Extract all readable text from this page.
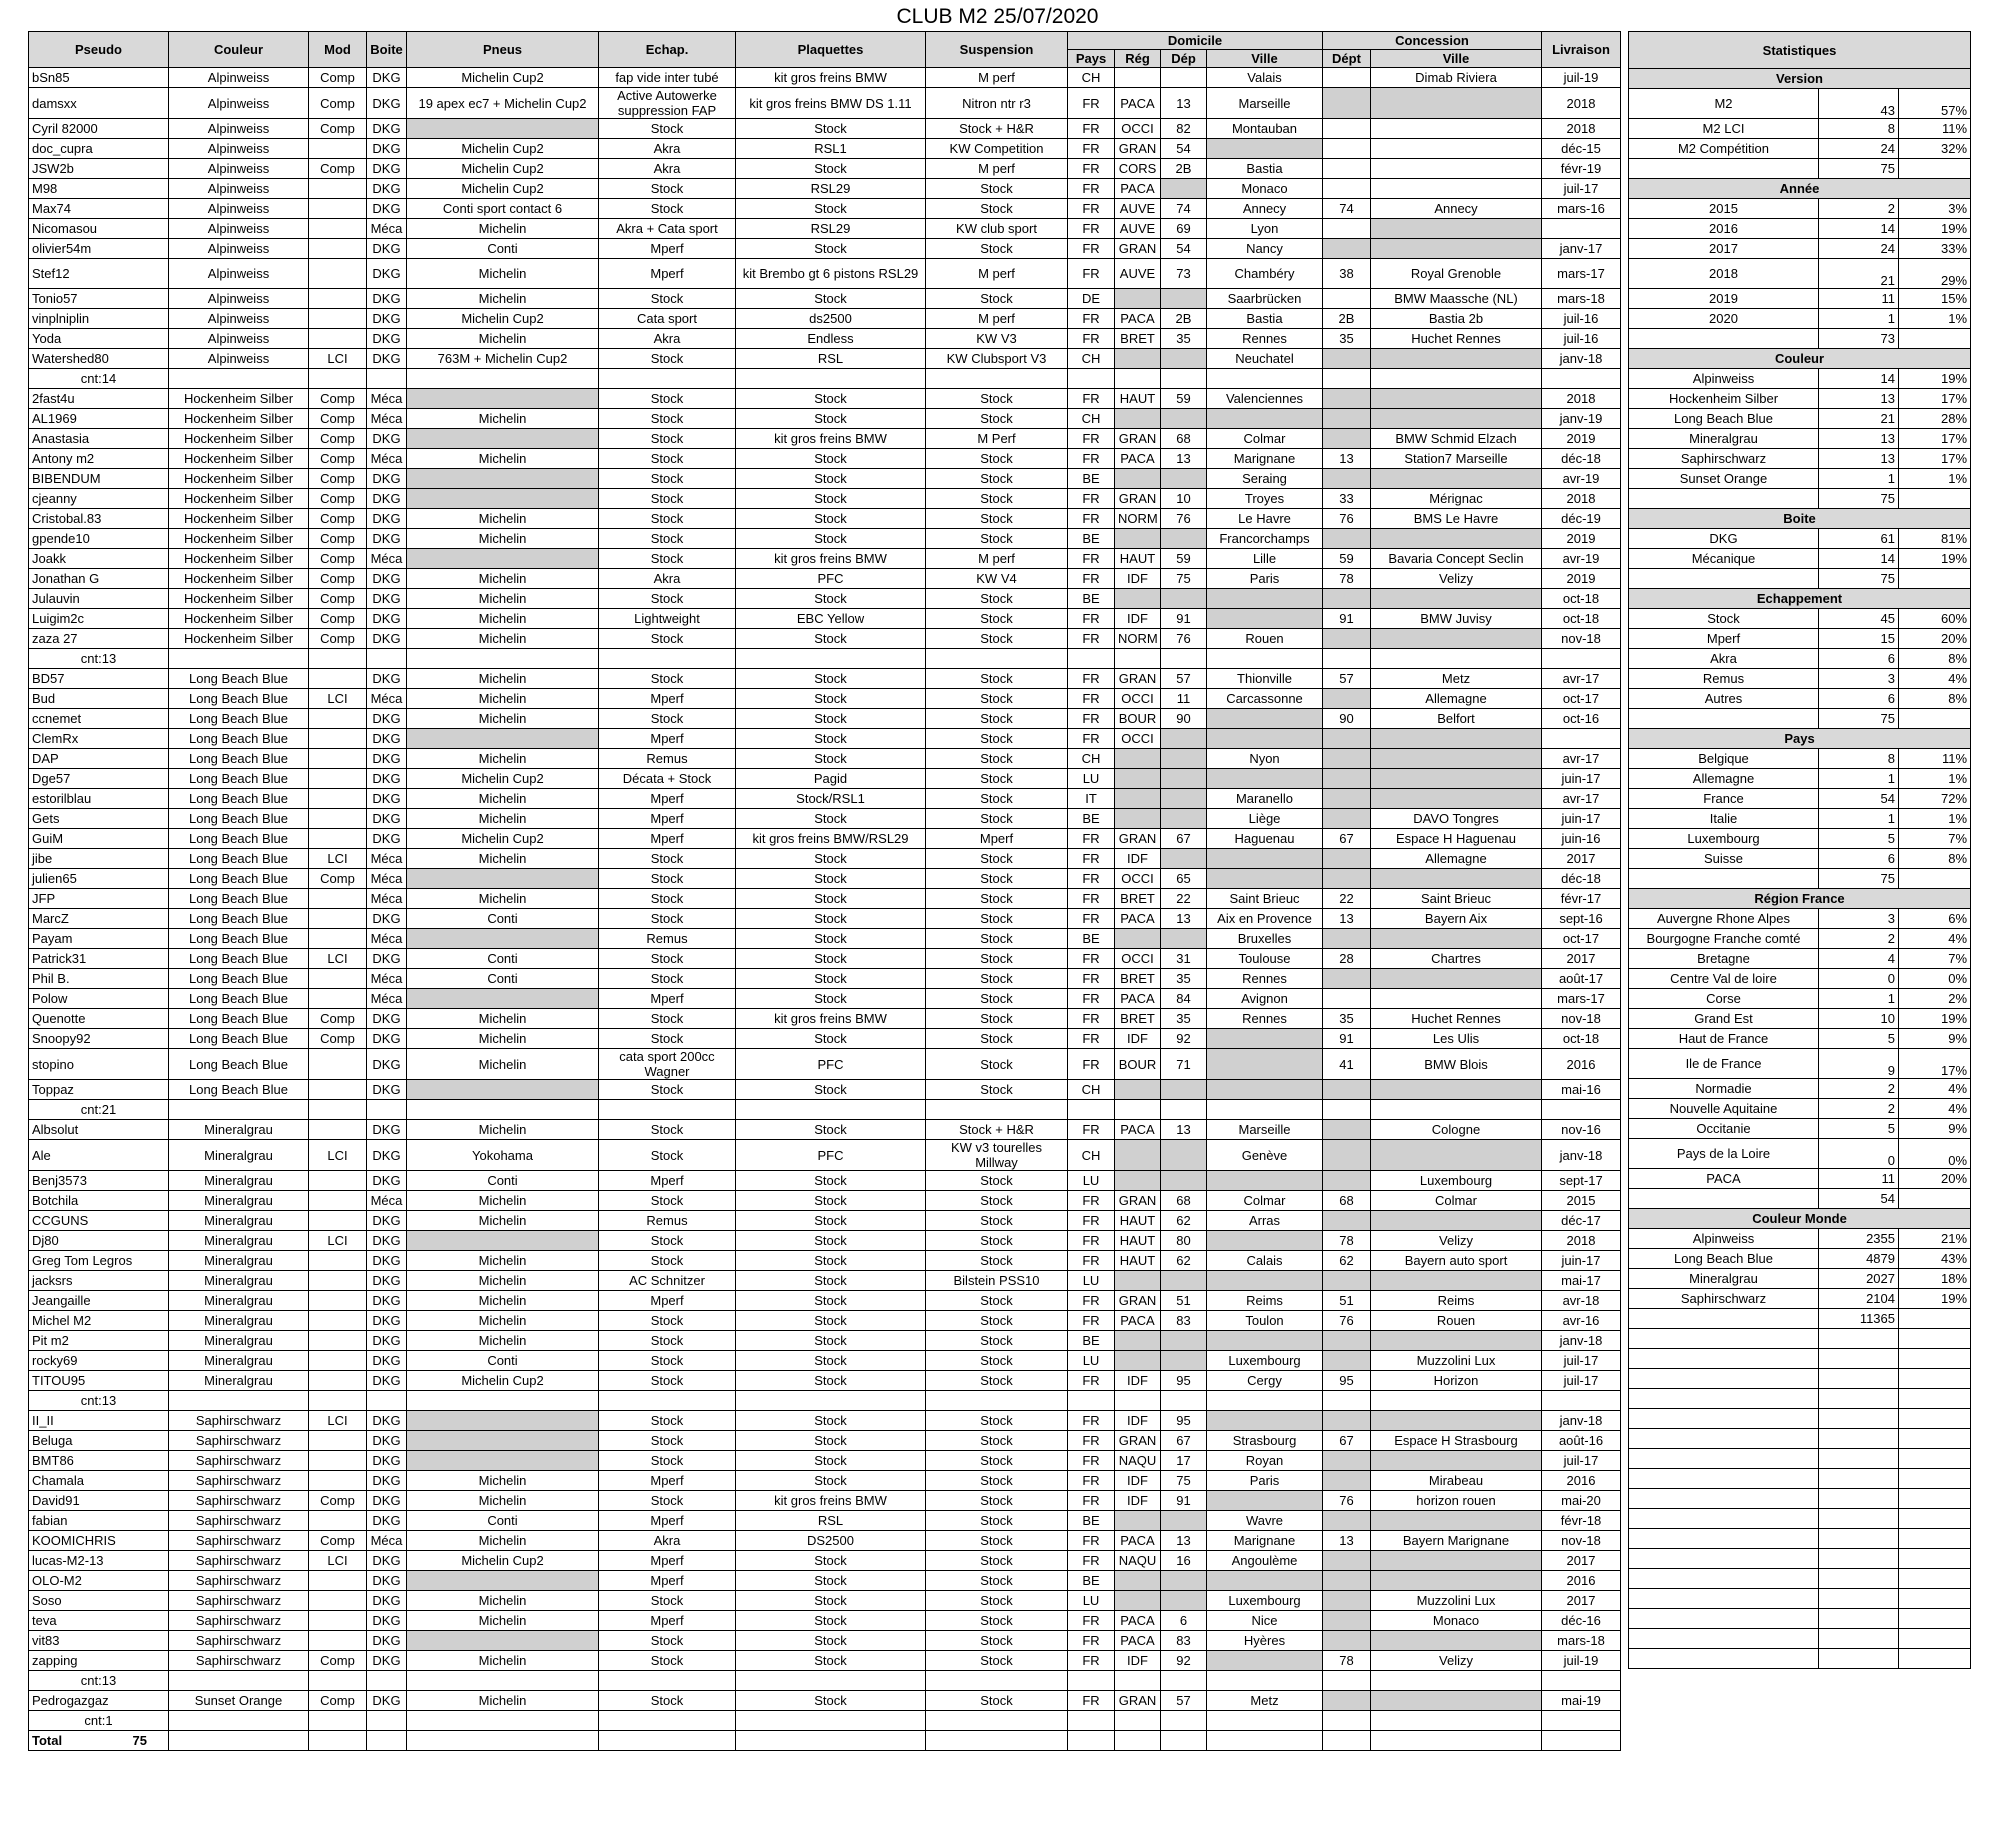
CLUB M2 25/07/2020
Pseudo	Couleur	Mod	Boite	Pneus	Echap.	Plaquettes	Suspension	Domicile				Concession		Livraison
								Pays	Rég	Dép	Ville	Dépt	Ville	
bSn85	Alpinweiss	Comp	DKG	Michelin Cup2	fap vide inter tubé	kit gros freins BMW	M perf	CH			Valais		Dimab Riviera	juil-19
damsxx	Alpinweiss	Comp	DKG	19 apex ec7 + Michelin Cup2	Active Autowerke suppression FAP	kit gros freins BMW DS 1.11	Nitron ntr r3	FR	PACA	13	Marseille			2018
Cyril 82000	Alpinweiss	Comp	DKG		Stock	Stock	Stock + H&R	FR	OCCI	82	Montauban			2018
doc_cupra	Alpinweiss		DKG	Michelin Cup2	Akra	RSL1	KW Competition	FR	GRAN	54				déc-15
JSW2b	Alpinweiss	Comp	DKG	Michelin Cup2	Akra	Stock	M perf	FR	CORS	2B	Bastia			févr-19
M98	Alpinweiss		DKG	Michelin Cup2	Stock	RSL29	Stock	FR	PACA		Monaco			juil-17
Max74	Alpinweiss		DKG	Conti sport contact 6	Stock	Stock	Stock	FR	AUVE	74	Annecy	74	Annecy	mars-16
Nicomasou	Alpinweiss		Méca	Michelin	Akra + Cata sport	RSL29	KW club sport	FR	AUVE	69	Lyon			
olivier54m	Alpinweiss		DKG	Conti	Mperf	Stock	Stock	FR	GRAN	54	Nancy			janv-17
Stef12	Alpinweiss		DKG	Michelin	Mperf	kit Brembo gt 6 pistons RSL29	M perf	FR	AUVE	73	Chambéry	38	Royal Grenoble	mars-17
Tonio57	Alpinweiss		DKG	Michelin	Stock	Stock	Stock	DE			Saarbrücken		BMW Maassche (NL)	mars-18
vinplniplin	Alpinweiss		DKG	Michelin Cup2	Cata sport	ds2500	M perf	FR	PACA	2B	Bastia	2B	Bastia 2b	juil-16
Yoda	Alpinweiss		DKG	Michelin	Akra	Endless	KW V3	FR	BRET	35	Rennes	35	Huchet Rennes	juil-16
Watershed80	Alpinweiss	LCI	DKG	763M + Michelin Cup2	Stock	RSL	KW Clubsport V3	CH			Neuchatel			janv-18
cnt:14														
2fast4u	Hockenheim Silber	Comp	Méca		Stock	Stock	Stock	FR	HAUT	59	Valenciennes			2018
AL1969	Hockenheim Silber	Comp	Méca	Michelin	Stock	Stock	Stock	CH						janv-19
Anastasia	Hockenheim Silber	Comp	DKG		Stock	kit gros freins BMW	M Perf	FR	GRAN	68	Colmar		BMW Schmid Elzach	2019
Antony m2	Hockenheim Silber	Comp	Méca	Michelin	Stock	Stock	Stock	FR	PACA	13	Marignane	13	Station7 Marseille	déc-18
BIBENDUM	Hockenheim Silber	Comp	DKG		Stock	Stock	Stock	BE			Seraing			avr-19
cjeanny	Hockenheim Silber	Comp	DKG		Stock	Stock	Stock	FR	GRAN	10	Troyes	33	Mérignac	2018
Cristobal.83	Hockenheim Silber	Comp	DKG	Michelin	Stock	Stock	Stock	FR	NORM	76	Le Havre	76	BMS Le Havre	déc-19
gpende10	Hockenheim Silber	Comp	DKG	Michelin	Stock	Stock	Stock	BE			Francorchamps			2019
Joakk	Hockenheim Silber	Comp	Méca		Stock	kit gros freins BMW	M perf	FR	HAUT	59	Lille	59	Bavaria Concept Seclin	avr-19
Jonathan G	Hockenheim Silber	Comp	DKG	Michelin	Akra	PFC	KW V4	FR	IDF	75	Paris	78	Velizy	2019
Julauvin	Hockenheim Silber	Comp	DKG	Michelin	Stock	Stock	Stock	BE						oct-18
Luigim2c	Hockenheim Silber	Comp	DKG	Michelin	Lightweight	EBC Yellow	Stock	FR	IDF	91		91	BMW Juvisy	oct-18
zaza 27	Hockenheim Silber	Comp	DKG	Michelin	Stock	Stock	Stock	FR	NORM	76	Rouen			nov-18
cnt:13														
BD57	Long Beach Blue		DKG	Michelin	Stock	Stock	Stock	FR	GRAN	57	Thionville	57	Metz	avr-17
Bud	Long Beach Blue	LCI	Méca	Michelin	Mperf	Stock	Stock	FR	OCCI	11	Carcassonne		Allemagne	oct-17
ccnemet	Long Beach Blue		DKG	Michelin	Stock	Stock	Stock	FR	BOUR	90		90	Belfort	oct-16
ClemRx	Long Beach Blue		DKG		Mperf	Stock	Stock	FR	OCCI					
DAP	Long Beach Blue		DKG	Michelin	Remus	Stock	Stock	CH			Nyon			avr-17
Dge57	Long Beach Blue		DKG	Michelin Cup2	Décata + Stock	Pagid	Stock	LU						juin-17
estorilblau	Long Beach Blue		DKG	Michelin	Mperf	Stock/RSL1	Stock	IT			Maranello			avr-17
Gets	Long Beach Blue		DKG	Michelin	Mperf	Stock	Stock	BE			Liège		DAVO Tongres	juin-17
GuiM	Long Beach Blue		DKG	Michelin Cup2	Mperf	kit gros freins BMW/RSL29	Mperf	FR	GRAN	67	Haguenau	67	Espace H Haguenau	juin-16
jibe	Long Beach Blue	LCI	Méca	Michelin	Stock	Stock	Stock	FR	IDF				Allemagne	2017
julien65	Long Beach Blue	Comp	Méca		Stock	Stock	Stock	FR	OCCI	65				déc-18
JFP	Long Beach Blue		Méca	Michelin	Stock	Stock	Stock	FR	BRET	22	Saint Brieuc	22	Saint Brieuc	févr-17
MarcZ	Long Beach Blue		DKG	Conti	Stock	Stock	Stock	FR	PACA	13	Aix en Provence	13	Bayern Aix	sept-16
Payam	Long Beach Blue		Méca		Remus	Stock	Stock	BE			Bruxelles			oct-17
Patrick31	Long Beach Blue	LCI	DKG	Conti	Stock	Stock	Stock	FR	OCCI	31	Toulouse	28	Chartres	2017
Phil B.	Long Beach Blue		Méca	Conti	Stock	Stock	Stock	FR	BRET	35	Rennes			août-17
Polow	Long Beach Blue		Méca		Mperf	Stock	Stock	FR	PACA	84	Avignon			mars-17
Quenotte	Long Beach Blue	Comp	DKG	Michelin	Stock	kit gros freins BMW	Stock	FR	BRET	35	Rennes	35	Huchet Rennes	nov-18
Snoopy92	Long Beach Blue	Comp	DKG	Michelin	Stock	Stock	Stock	FR	IDF	92		91	Les Ulis	oct-18
stopino	Long Beach Blue		DKG	Michelin	cata sport 200cc Wagner	PFC	Stock	FR	BOUR	71		41	BMW Blois	2016
Toppaz	Long Beach Blue		DKG		Stock	Stock	Stock	CH						mai-16
cnt:21														
Albsolut	Mineralgrau		DKG	Michelin	Stock	Stock	Stock + H&R	FR	PACA	13	Marseille		Cologne	nov-16
Ale	Mineralgrau	LCI	DKG	Yokohama	Stock	PFC	KW v3 tourelles Millway	CH			Genève			janv-18
Benj3573	Mineralgrau		DKG	Conti	Mperf	Stock	Stock	LU					Luxembourg	sept-17
Botchila	Mineralgrau		Méca	Michelin	Stock	Stock	Stock	FR	GRAN	68	Colmar	68	Colmar	2015
CCGUNS	Mineralgrau		DKG	Michelin	Remus	Stock	Stock	FR	HAUT	62	Arras			déc-17
Dj80	Mineralgrau	LCI	DKG		Stock	Stock	Stock	FR	HAUT	80		78	Velizy	2018
Greg Tom Legros	Mineralgrau		DKG	Michelin	Stock	Stock	Stock	FR	HAUT	62	Calais	62	Bayern auto sport	juin-17
jacksrs	Mineralgrau		DKG	Michelin	AC Schnitzer	Stock	Bilstein PSS10	LU						mai-17
Jeangaille	Mineralgrau		DKG	Michelin	Mperf	Stock	Stock	FR	GRAN	51	Reims	51	Reims	avr-18
Michel M2	Mineralgrau		DKG	Michelin	Stock	Stock	Stock	FR	PACA	83	Toulon	76	Rouen	avr-16
Pit m2	Mineralgrau		DKG	Michelin	Stock	Stock	Stock	BE						janv-18
rocky69	Mineralgrau		DKG	Conti	Stock	Stock	Stock	LU			Luxembourg		Muzzolini Lux	juil-17
TITOU95	Mineralgrau		DKG	Michelin Cup2	Stock	Stock	Stock	FR	IDF	95	Cergy	95	Horizon	juil-17
cnt:13														
II_II	Saphirschwarz	LCI	DKG		Stock	Stock	Stock	FR	IDF	95				janv-18
Beluga	Saphirschwarz		DKG		Stock	Stock	Stock	FR	GRAN	67	Strasbourg	67	Espace H Strasbourg	août-16
BMT86	Saphirschwarz		DKG		Stock	Stock	Stock	FR	NAQU	17	Royan			juil-17
Chamala	Saphirschwarz		DKG	Michelin	Mperf	Stock	Stock	FR	IDF	75	Paris		Mirabeau	2016
David91	Saphirschwarz	Comp	DKG	Michelin	Stock	kit gros freins BMW	Stock	FR	IDF	91		76	horizon rouen	mai-20
fabian	Saphirschwarz		DKG	Conti	Mperf	RSL	Stock	BE			Wavre			févr-18
KOOMICHRIS	Saphirschwarz	Comp	Méca	Michelin	Akra	DS2500	Stock	FR	PACA	13	Marignane	13	Bayern Marignane	nov-18
lucas-M2-13	Saphirschwarz	LCI	DKG	Michelin Cup2	Mperf	Stock	Stock	FR	NAQU	16	Angoulème			2017
OLO-M2	Saphirschwarz		DKG		Mperf	Stock	Stock	BE						2016
Soso	Saphirschwarz		DKG	Michelin	Stock	Stock	Stock	LU			Luxembourg		Muzzolini Lux	2017
teva	Saphirschwarz		DKG	Michelin	Mperf	Stock	Stock	FR	PACA	6	Nice		Monaco	déc-16
vit83	Saphirschwarz		DKG		Stock	Stock	Stock	FR	PACA	83	Hyères			mars-18
zapping	Saphirschwarz	Comp	DKG	Michelin	Stock	Stock	Stock	FR	IDF	92		78	Velizy	juil-19
cnt:13														
Pedrogazgaz	Sunset Orange	Comp	DKG	Michelin	Stock	Stock	Stock	FR	GRAN	57	Metz			mai-19
cnt:1														
Total 75														

Statistiques		
Version		
M2	43	57%
M2 LCI	8	11%
M2 Compétition	24	32%
	75	
Année		
2015	2	3%
2016	14	19%
2017	24	33%
2018	21	29%
2019	11	15%
2020	1	1%
	73	
Couleur		
Alpinweiss	14	19%
Hockenheim Silber	13	17%
Long Beach Blue	21	28%
Mineralgrau	13	17%
Saphirschwarz	13	17%
Sunset Orange	1	1%
	75	
Boite		
DKG	61	81%
Mécanique	14	19%
	75	
Echappement		
Stock	45	60%
Mperf	15	20%
Akra	6	8%
Remus	3	4%
Autres	6	8%
	75	
Pays		
Belgique	8	11%
Allemagne	1	1%
France	54	72%
Italie	1	1%
Luxembourg	5	7%
Suisse	6	8%
	75	
Région France		
Auvergne Rhone Alpes	3	6%
Bourgogne Franche comté	2	4%
Bretagne	4	7%
Centre Val de loire	0	0%
Corse	1	2%
Grand Est	10	19%
Haut de France	5	9%
Ile de France	9	17%
Normadie	2	4%
Nouvelle Aquitaine	2	4%
Occitanie	5	9%
Pays de la Loire	0	0%
PACA	11	20%
	54	
Couleur Monde		
Alpinweiss	2355	21%
Long Beach Blue	4879	43%
Mineralgrau	2027	18%
Saphirschwarz	2104	19%
	11365	
